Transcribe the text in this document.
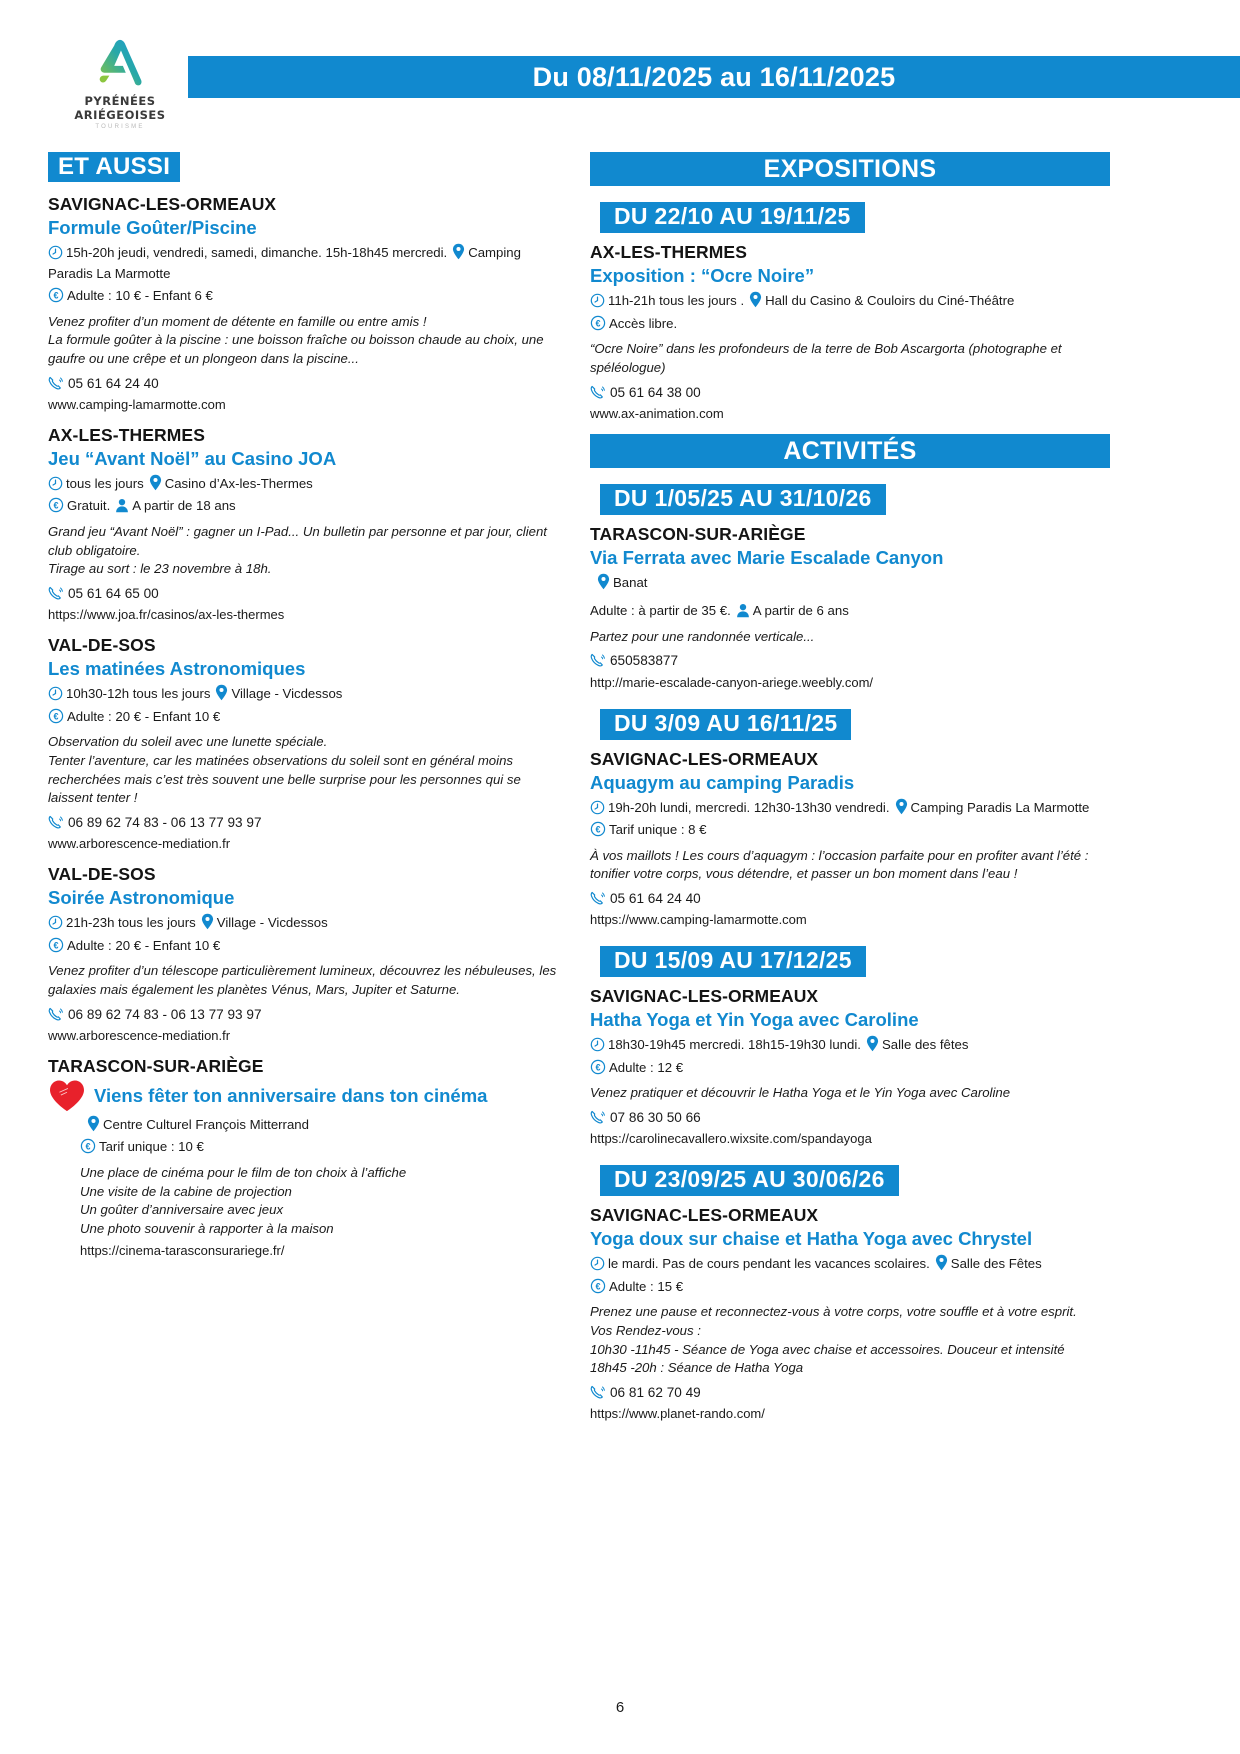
PYRÉNÉES
ARIÉGEOISES
TOURISME
Du 08/11/2025 au 16/11/2025
ET AUSSI
SAVIGNAC-LES-ORMEAUX
Formule Goûter/Piscine
15h-20h jeudi, vendredi, samedi, dimanche. 15h-18h45 mercredi. Camping Paradis La Marmotte
€ Adulte : 10 € - Enfant 6 €
Venez profiter d’un moment de détente en famille ou entre amis !
La formule goûter à la piscine : une boisson fraîche ou boisson chaude au choix, une gaufre ou une crêpe et un plongeon dans la piscine...
05 61 64 24 40
www.camping-lamarmotte.com
AX-LES-THERMES
Jeu “Avant Noël” au Casino JOA
tous les jours Casino d’Ax-les-Thermes
€ Gratuit. A partir de 18 ans
Grand jeu “Avant Noël” : gagner un I-Pad... Un bulletin par personne et par jour, client club obligatoire.
Tirage au sort : le 23 novembre à 18h.
05 61 64 65 00
https://www.joa.fr/casinos/ax-les-thermes
VAL-DE-SOS
Les matinées Astronomiques
10h30-12h tous les jours Village - Vicdessos
€ Adulte : 20 € - Enfant 10 €
Observation du soleil avec une lunette spéciale.
Tenter l’aventure, car les matinées observations du soleil sont en général moins recherchées mais c’est très souvent une belle surprise pour les personnes qui se laissent tenter !
06 89 62 74 83 - 06 13 77 93 97
www.arborescence-mediation.fr
VAL-DE-SOS
Soirée Astronomique
21h-23h tous les jours Village - Vicdessos
€ Adulte : 20 € - Enfant 10 €
Venez profiter d’un télescope particulièrement lumineux, découvrez les nébuleuses, les galaxies mais également les planètes Vénus, Mars, Jupiter et Saturne.
06 89 62 74 83 - 06 13 77 93 97
www.arborescence-mediation.fr
TARASCON-SUR-ARIÈGE
Viens fêter ton anniversaire dans ton cinéma
Centre Culturel François Mitterrand
€ Tarif unique : 10 €
Une place de cinéma pour le film de ton choix à l’affiche
Une visite de la cabine de projection
Un goûter d’anniversaire avec jeux
Une photo souvenir à rapporter à la maison
https://cinema-tarasconsurariege.fr/
EXPOSITIONS
DU 22/10 AU 19/11/25
AX-LES-THERMES
Exposition : “Ocre Noire”
11h-21h tous les jours . Hall du Casino & Couloirs du Ciné-Théâtre
€ Accès libre.
“Ocre Noire” dans les profondeurs de la terre de Bob Ascargorta (photographe et spéléologue)
05 61 64 38 00
www.ax-animation.com
ACTIVITÉS
DU 1/05/25 AU 31/10/26
TARASCON-SUR-ARIÈGE
Via Ferrata avec Marie Escalade Canyon
Banat
Adulte : à partir de 35 €. A partir de 6 ans
Partez pour une randonnée verticale...
650583877
http://marie-escalade-canyon-ariege.weebly.com/
DU 3/09 AU 16/11/25
SAVIGNAC-LES-ORMEAUX
Aquagym au camping Paradis
19h-20h lundi, mercredi. 12h30-13h30 vendredi. Camping Paradis La Marmotte
€ Tarif unique : 8 €
À vos maillots ! Les cours d’aquagym : l’occasion parfaite pour en profiter avant l’été : tonifier votre corps, vous détendre, et passer un bon moment dans l’eau !
05 61 64 24 40
https://www.camping-lamarmotte.com
DU 15/09 AU 17/12/25
SAVIGNAC-LES-ORMEAUX
Hatha Yoga et Yin Yoga avec Caroline
18h30-19h45 mercredi. 18h15-19h30 lundi. Salle des fêtes
€ Adulte : 12 €
Venez pratiquer et découvrir le Hatha Yoga et le Yin Yoga avec Caroline
07 86 30 50 66
https://carolinecavallero.wixsite.com/spandayoga
DU 23/09/25 AU 30/06/26
SAVIGNAC-LES-ORMEAUX
Yoga doux sur chaise et Hatha Yoga avec Chrystel
le mardi. Pas de cours pendant les vacances scolaires. Salle des Fêtes
€ Adulte : 15 €
Prenez une pause et reconnectez-vous à votre corps, votre souffle et à votre esprit.
Vos Rendez-vous :
10h30 -11h45 - Séance de Yoga avec chaise et accessoires. Douceur et intensité
18h45 -20h : Séance de Hatha Yoga
06 81 62 70 49
https://www.planet-rando.com/
6
